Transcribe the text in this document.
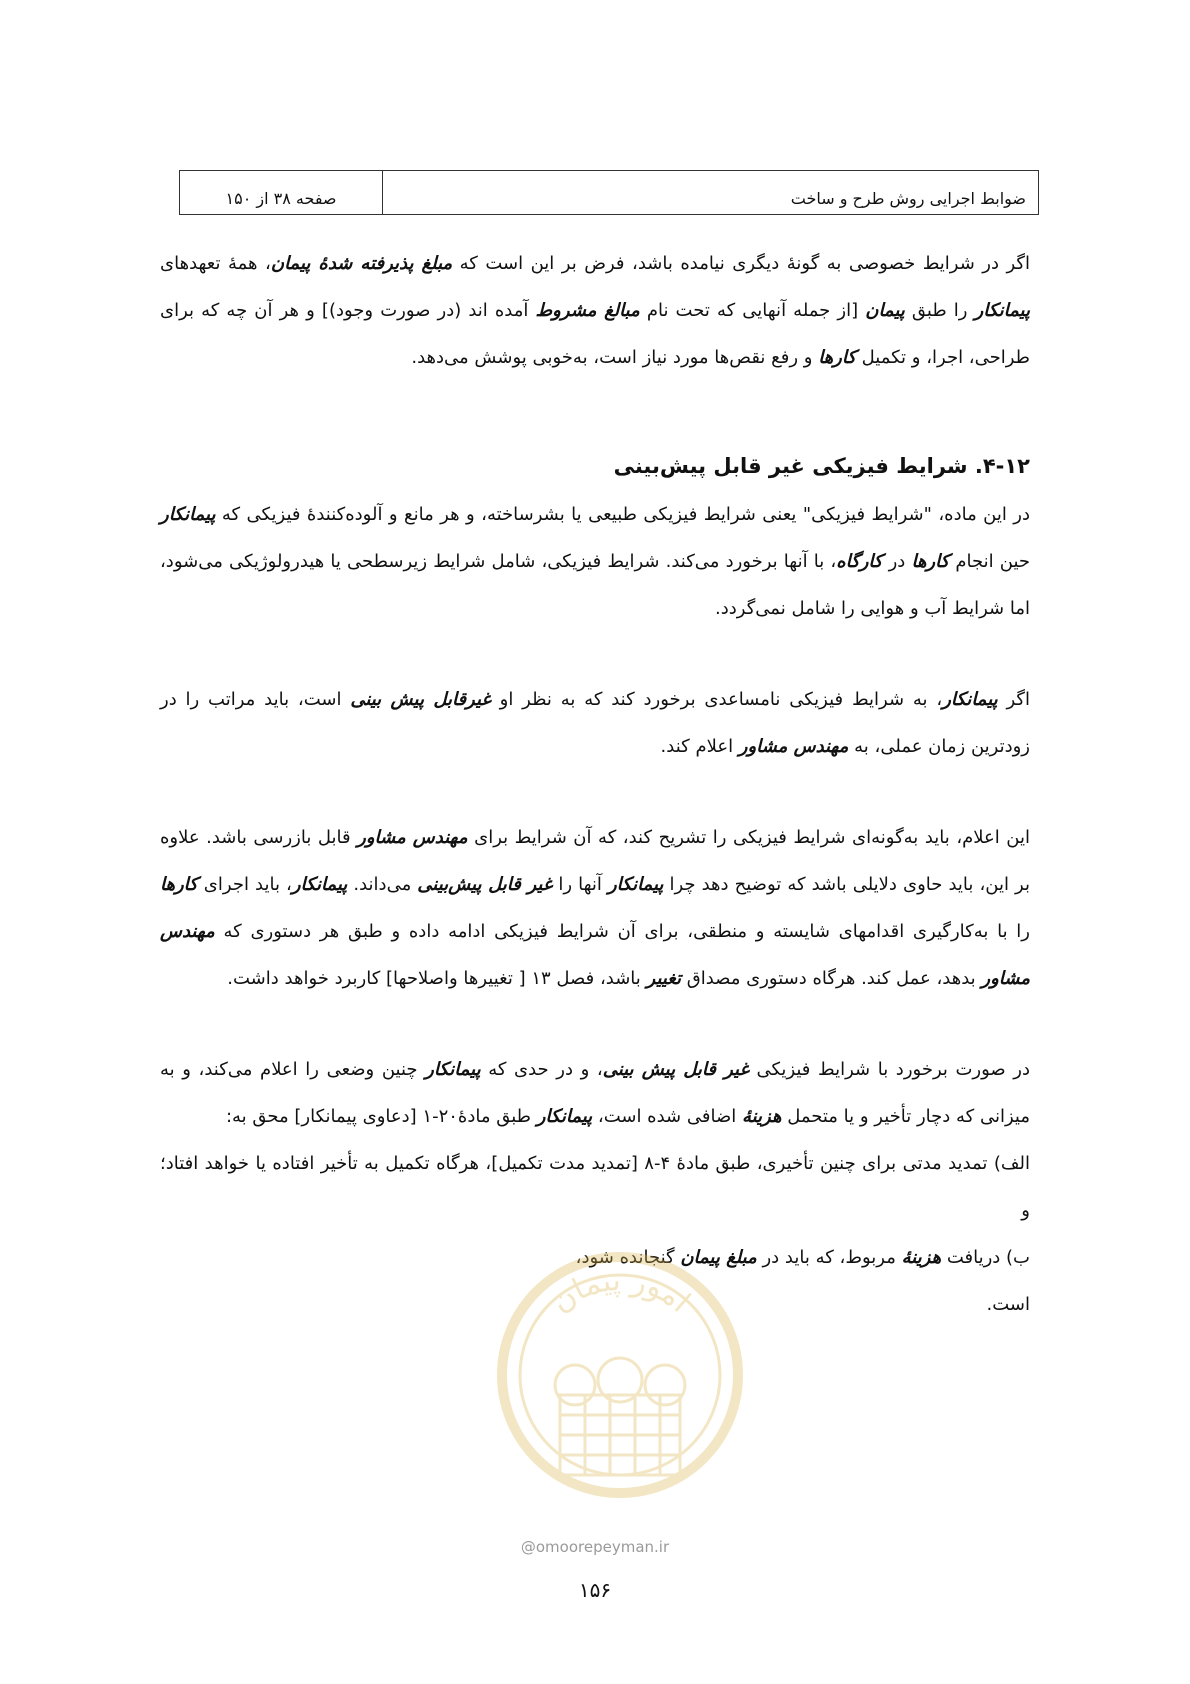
ضوابط اجرایی روش طرح و ساخت
صفحه ۳۸ از ۱۵۰

اگر در شرایط خصوصی به گونۀ دیگری نیامده باشد، فرض بر این است که مبلغ پذیرفته شدۀ پیمان، همۀ تعهدهای پیمانکار را طبق پیمان [از جمله آنهایی که تحت نام مبالغ مشروط آمده اند (در صورت وجود)] و هر آن چه که برای طراحی، اجرا، و تکمیل کارها و رفع نقص‌ها مورد نیاز است، به‌خوبی پوشش می‌دهد.

۴-۱۲. شرایط فیزیکی غیر قابل پیش‌بینی

در این ماده، "شرایط فیزیکی" یعنی شرایط فیزیکی طبیعی یا بشرساخته، و هر مانع و آلوده‌کنندۀ فیزیکی که پیمانکار حین انجام کارها در کارگاه، با آنها برخورد می‌کند. شرایط فیزیکی، شامل شرایط زیرسطحی یا هیدرولوژیکی می‌شود، اما شرایط آب و هوایی را شامل نمی‌گردد.

اگر پیمانکار، به شرایط فیزیکی نامساعدی برخورد کند که به نظر او غیرقابل پیش بینی است، باید مراتب را در زودترین زمان عملی، به مهندس مشاور اعلام کند.

این اعلام، باید به‌گونه‌ای شرایط فیزیکی را تشریح کند، که آن شرایط برای مهندس مشاور قابل بازرسی باشد. علاوه بر این، باید حاوی دلایلی باشد که توضیح دهد چرا پیمانکار آنها را غیر قابل پیش‌بینی می‌داند. پیمانکار، باید اجرای کارها را با به‌کارگیری اقدامهای شایسته و منطقی، برای آن شرایط فیزیکی ادامه داده و طبق هر دستوری که مهندس مشاور بدهد، عمل کند. هرگاه دستوری مصداق تغییر باشد، فصل ۱۳ [ تغییرها واصلاحها] کاربرد خواهد داشت.

در صورت برخورد با شرایط فیزیکی غیر قابل پیش بینی، و در حدی که پیمانکار چنین وضعی را اعلام می‌کند، و به میزانی که دچار تأخیر و یا متحمل هزینۀ اضافی شده است، پیمانکار طبق مادۀ۲۰-۱ [دعاوی پیمانکار] محق به:

الف) تمدید مدتی برای چنین تأخیری، طبق مادۀ ۴-۸ [تمدید مدت تکمیل]، هرگاه تکمیل به تأخیر افتاده یا خواهد افتاد؛ و

ب) دریافت هزینۀ مربوط، که باید در مبلغ پیمان گنجانده شود،

است.

امور پیمان
@omoorepeyman.ir
۱۵۶
